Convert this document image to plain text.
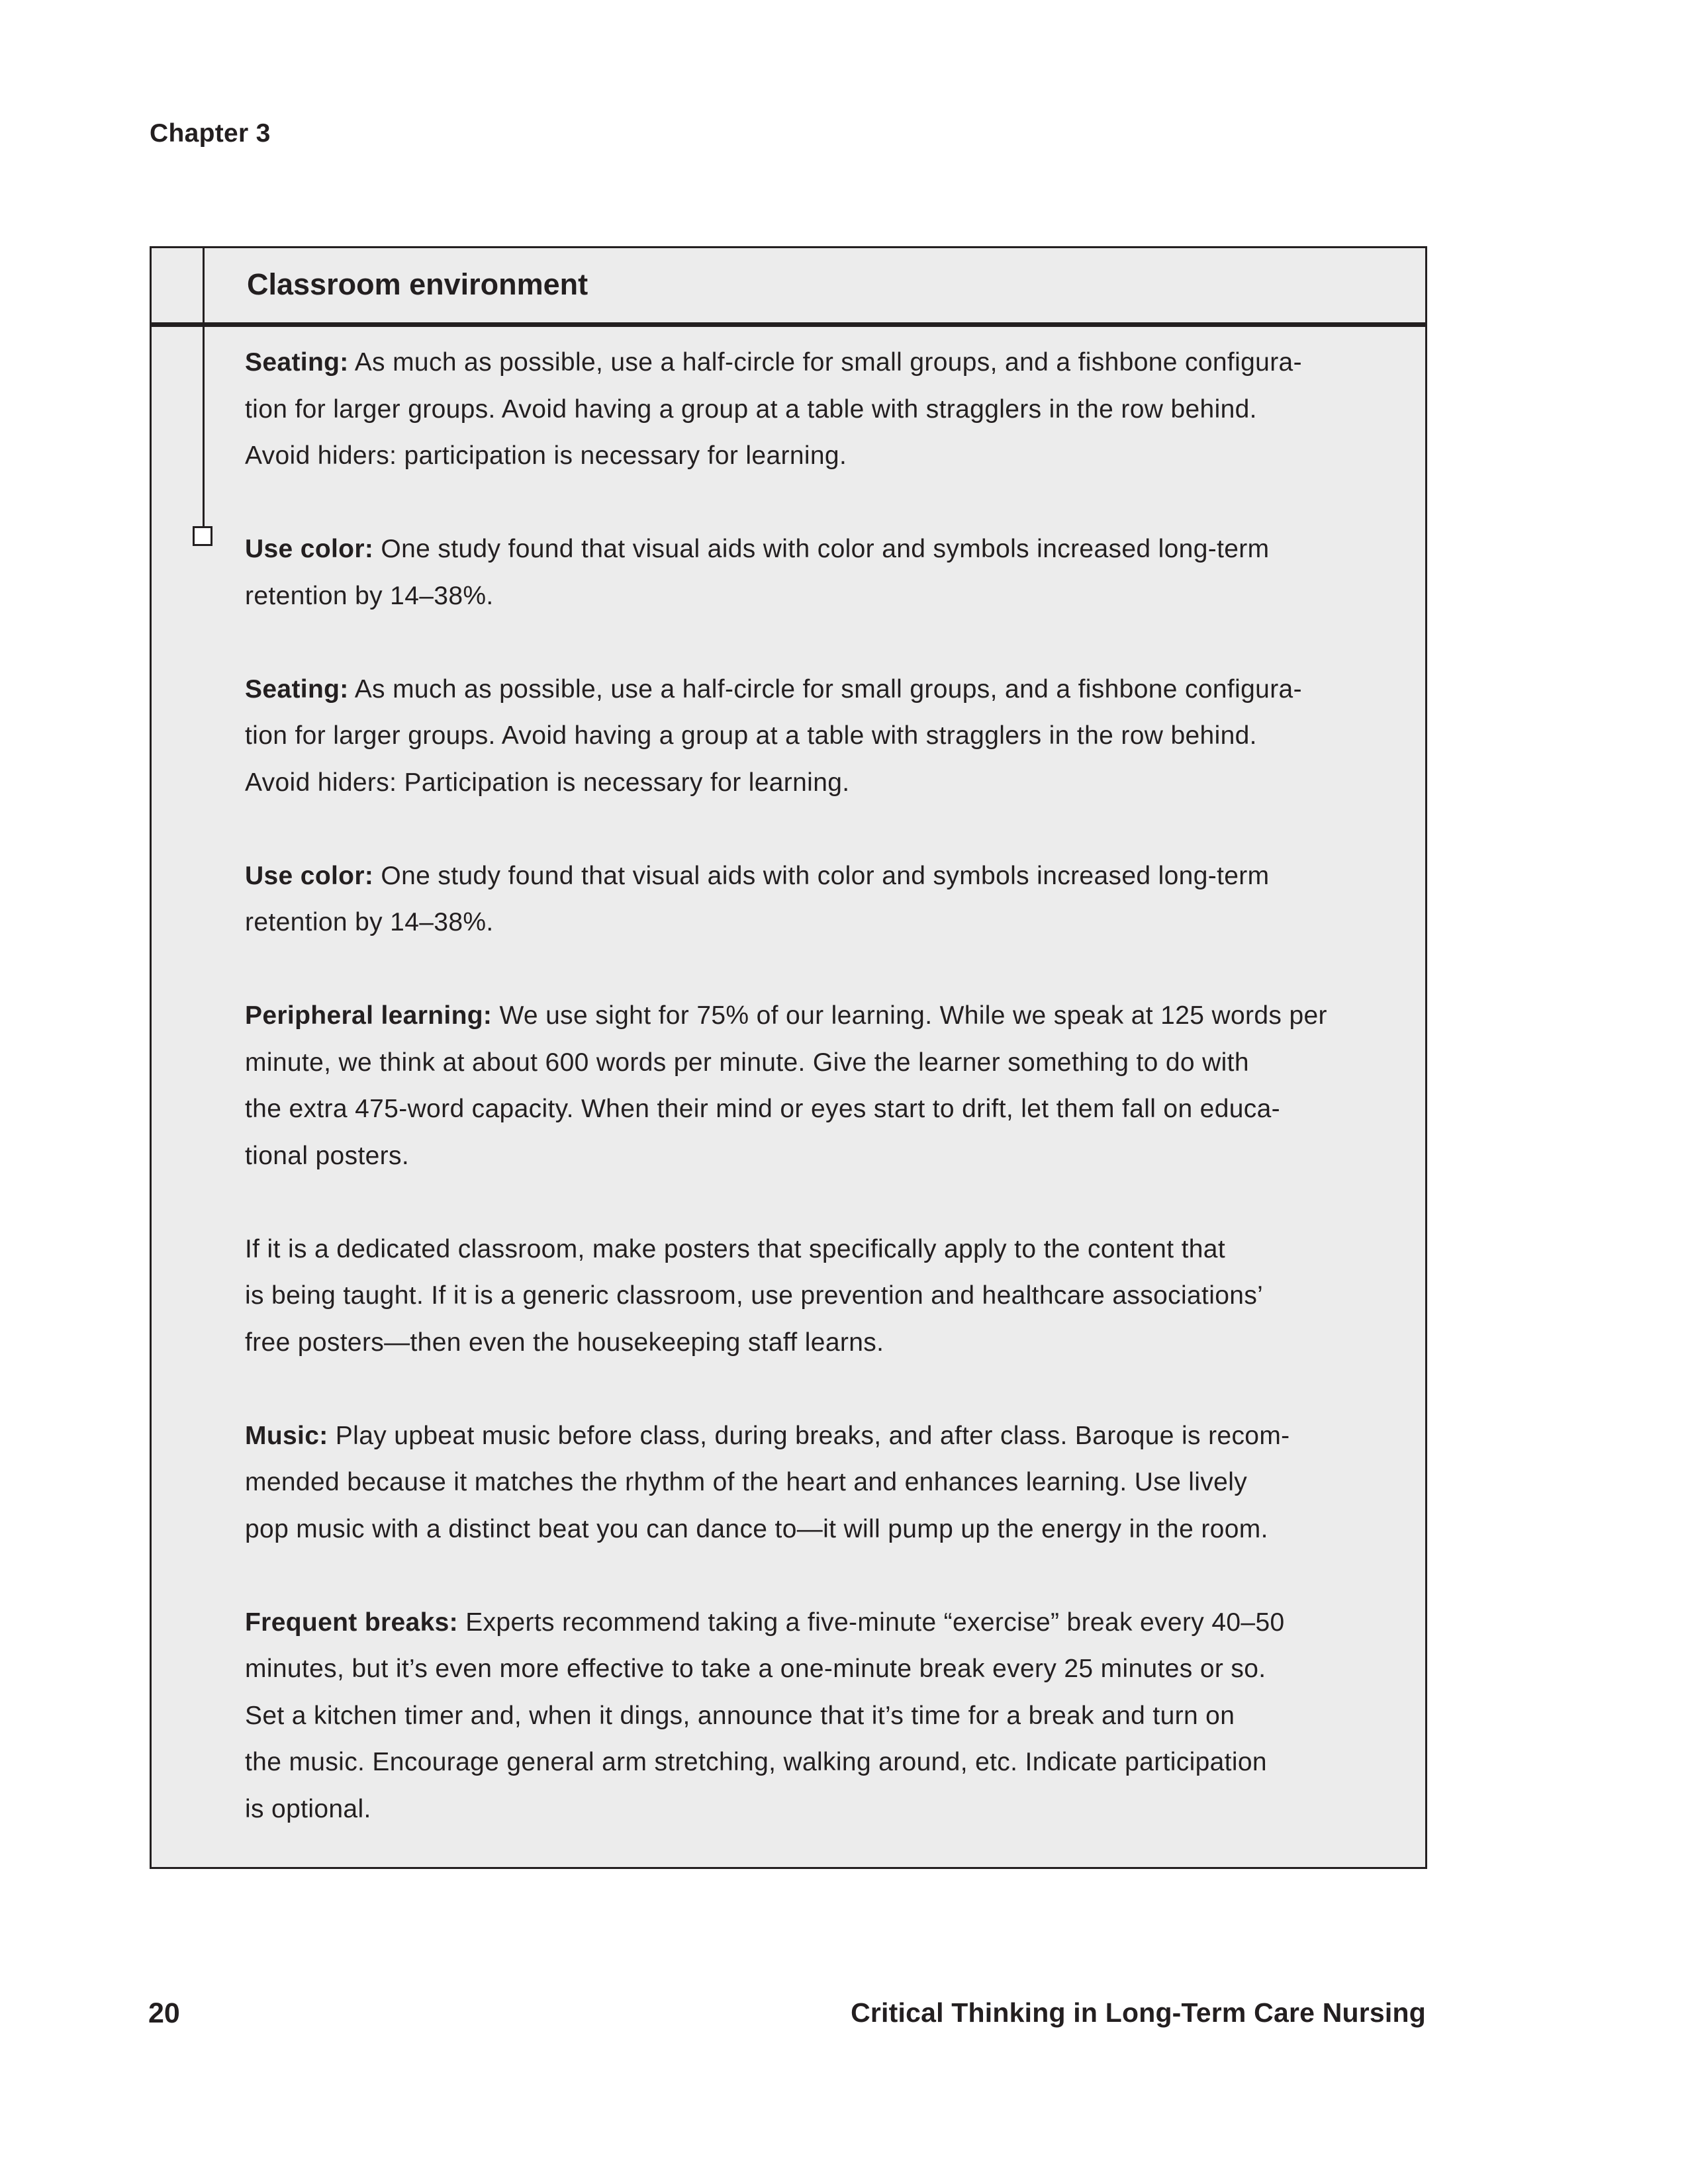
Chapter 3
Classroom environment

Seating: As much as possible, use a half-circle for small groups, and a fishbone configura-
tion for larger groups. Avoid having a group at a table with stragglers in the row behind.
Avoid hiders: participation is necessary for learning.

Use color: One study found that visual aids with color and symbols increased long-term
retention by 14–38%.

Seating: As much as possible, use a half-circle for small groups, and a fishbone configura-
tion for larger groups. Avoid having a group at a table with stragglers in the row behind.
Avoid hiders: Participation is necessary for learning.

Use color: One study found that visual aids with color and symbols increased long-term
retention by 14–38%.

Peripheral learning: We use sight for 75% of our learning. While we speak at 125 words per
minute, we think at about 600 words per minute. Give the learner something to do with
the extra 475-word capacity. When their mind or eyes start to drift, let them fall on educa-
tional posters.

If it is a dedicated classroom, make posters that specifically apply to the content that
is being taught. If it is a generic classroom, use prevention and healthcare associations’
free posters—then even the housekeeping staff learns.

Music: Play upbeat music before class, during breaks, and after class. Baroque is recom-
mended because it matches the rhythm of the heart and enhances learning. Use lively
pop music with a distinct beat you can dance to—it will pump up the energy in the room.

Frequent breaks: Experts recommend taking a five-minute “exercise” break every 40–50
minutes, but it’s even more effective to take a one-minute break every 25 minutes or so.
Set a kitchen timer and, when it dings, announce that it’s time for a break and turn on
the music. Encourage general arm stretching, walking around, etc. Indicate participation
is optional.

20	Critical Thinking in Long-Term Care Nursing
